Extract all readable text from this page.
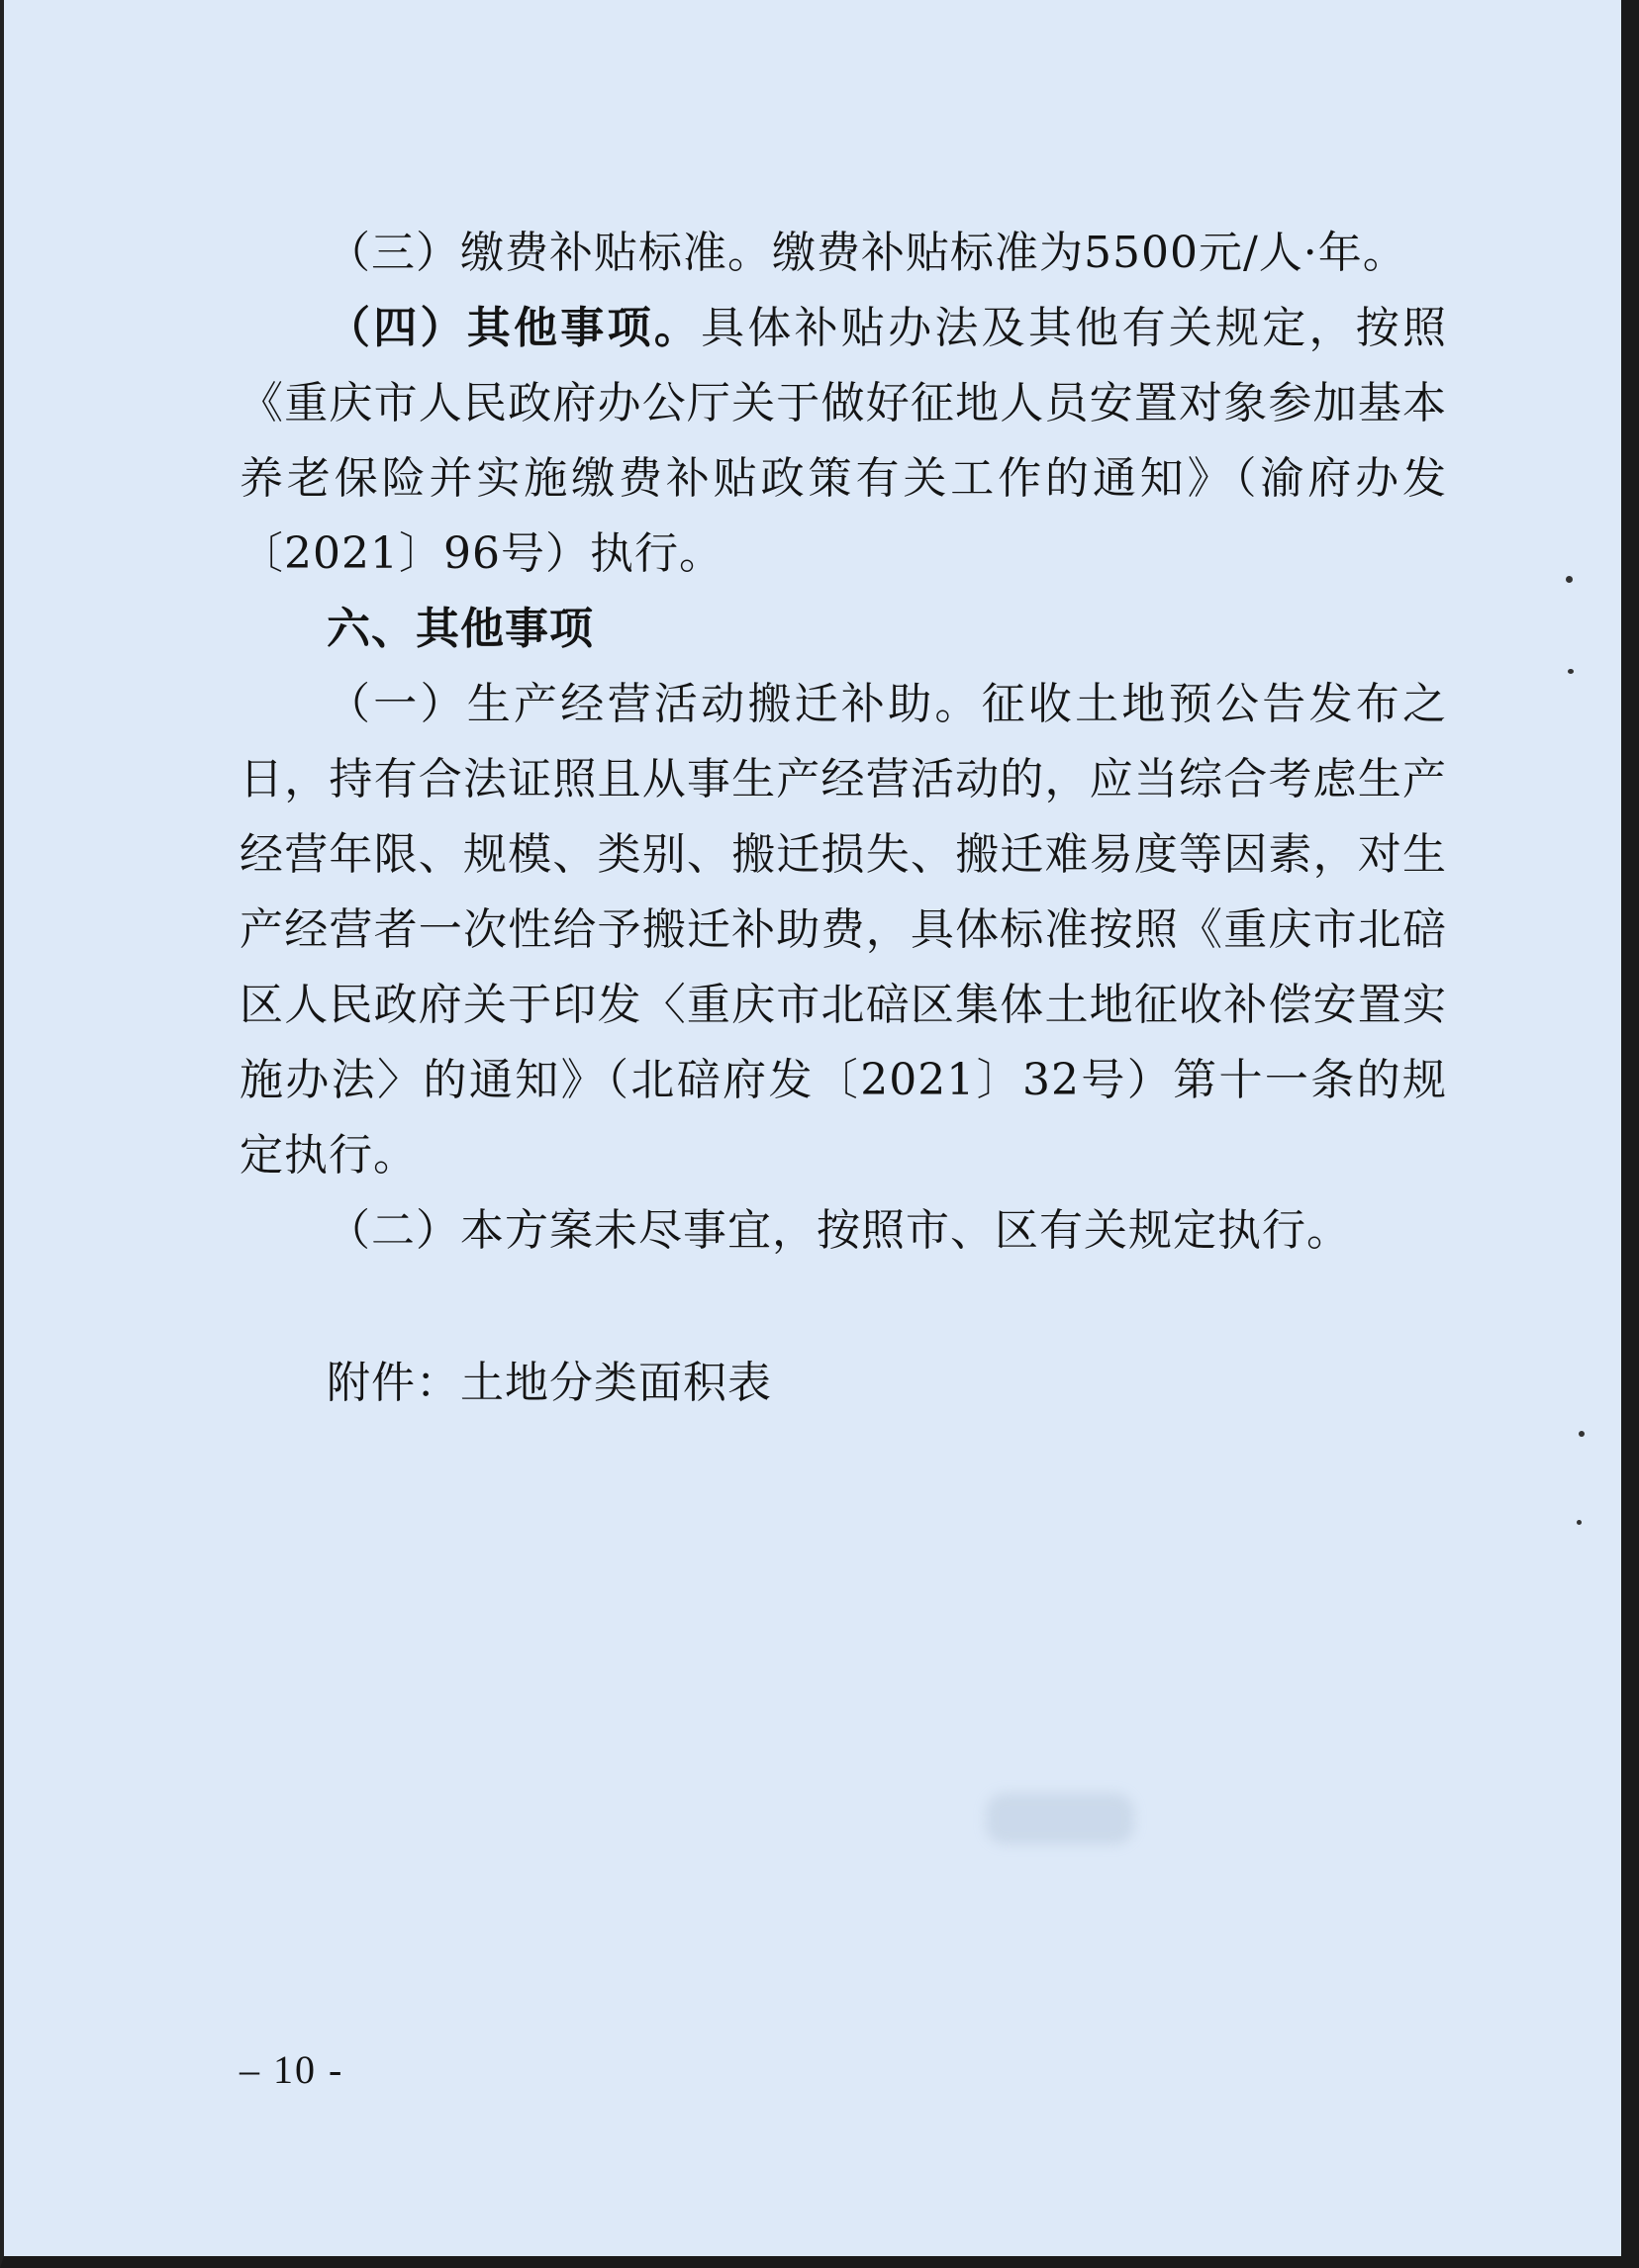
（三）缴费补贴标准。缴费补贴标准为5500元/人·年。

（四）其他事项。具体补贴办法及其他有关规定，按照《重庆市人民政府办公厅关于做好征地人员安置对象参加基本养老保险并实施缴费补贴政策有关工作的通知》（渝府办发〔2021〕96号）执行。

六、其他事项

（一）生产经营活动搬迁补助。征收土地预公告发布之日，持有合法证照且从事生产经营活动的，应当综合考虑生产经营年限、规模、类别、搬迁损失、搬迁难易度等因素，对生产经营者一次性给予搬迁补助费，具体标准按照《重庆市北碚区人民政府关于印发〈重庆市北碚区集体土地征收补偿安置实施办法〉的通知》（北碚府发〔2021〕32号）第十一条的规定执行。

（二）本方案未尽事宜，按照市、区有关规定执行。

附件：土地分类面积表

– 10 -
